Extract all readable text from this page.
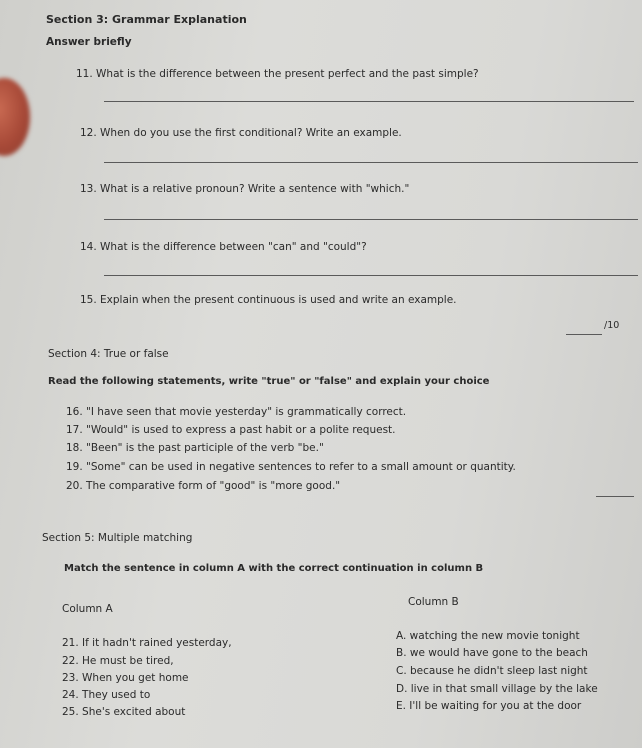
Section 3: Grammar Explanation
Answer briefly
11. What is the difference between the present perfect and the past simple?
12. When do you use the first conditional? Write an example.
13. What is a relative pronoun? Write a sentence with "which."
14. What is the difference between "can" and "could"?
15. Explain when the present continuous is used and write an example.
/10
Section 4: True or false
Read the following statements, write "true" or "false" and explain your choice
16. "I have seen that movie yesterday" is grammatically correct.
17. "Would" is used to express a past habit or a polite request.
18. "Been" is the past participle of the verb "be."
19. "Some" can be used in negative sentences to refer to a small amount or quantity.
20. The comparative form of "good" is "more good."
Section 5: Multiple matching
Match the sentence in column A with the correct continuation in column B
Column A
Column B
21. If it hadn't rained yesterday,
22. He must be tired,
23. When you get home
24. They used to
25. She's excited about
A. watching the new movie tonight
B. we would have gone to the beach
C. because he didn't sleep last night
D. live in that small village by the lake
E. I'll be waiting for you at the door
